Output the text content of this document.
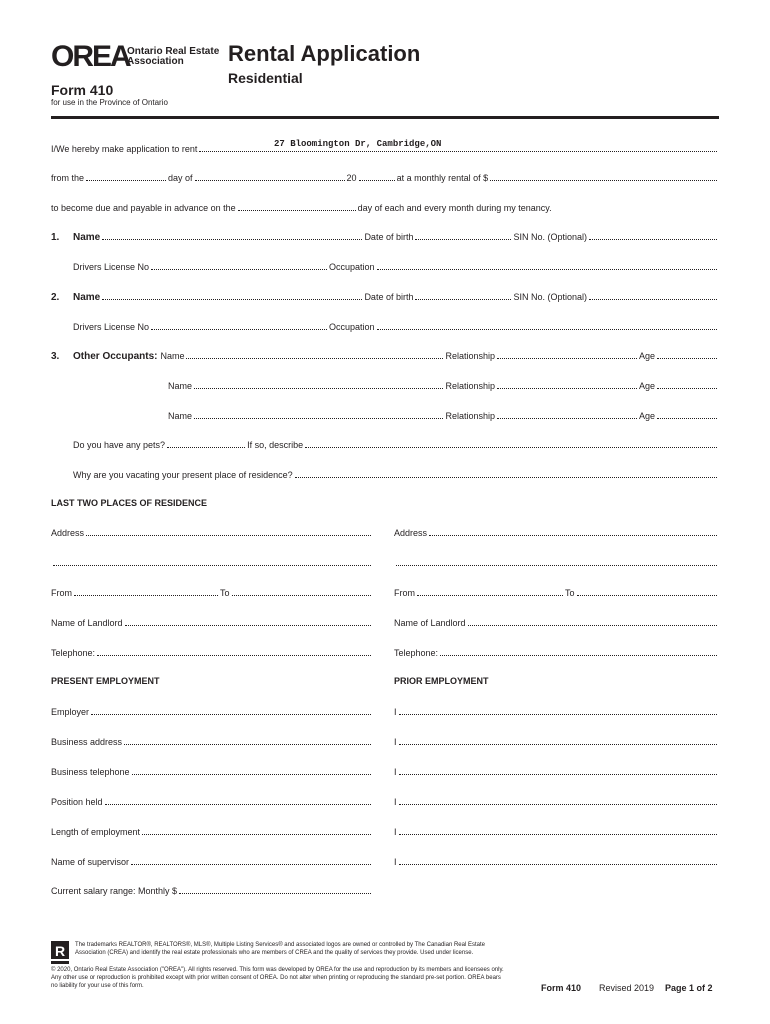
OREA
Ontario Real Estate Association	Rental Application
Residential
Form 410
for use in the Province of Ontario
I/We hereby make application to rent	27 Bloomington Dr, Cambridge,ON
from the	day of	20	at a monthly rental of $
to become due and payable in advance on the	day of each and every month during my tenancy.
1.	Name	Date of birth	SIN No. (Optional)
Drivers License No	Occupation
2.	Name	Date of birth	SIN No. (Optional)
Drivers License No	Occupation
3.	Other Occupants: Name	Relationship	Age
Name	Relationship	Age
Name	Relationship	Age
Do you have any pets?	If so, describe
Why are you vacating your present place of residence?
LAST TWO PLACES OF RESIDENCE
Address	Address
From	To	From	To
Name of Landlord	Name of Landlord
Telephone:	Telephone:
PRESENT EMPLOYMENT	PRIOR EMPLOYMENT
Employer	I
Business address	I
Business telephone	I
Position held	I
Length of employment	I
Name of supervisor	I
Current salary range: Monthly $
R The trademarks REALTOR®, REALTORS®, MLS®, Multiple Listing Services® and associated logos are owned or controlled by The Canadian Real Estate Association (CREA) and identify the real estate professionals who are members of CREA and the quality of services they provide. Used under license.
© 2020, Ontario Real Estate Association ("OREA"). All rights reserved. This form was developed by OREA for the use and reproduction by its members and licensees only. Any other use or reproduction is prohibited except with prior written consent of OREA. Do not alter when printing or reproducing the standard pre-set portion. OREA bears no liability for your use of this form.	Form 410 Revised 2019 Page 1 of 2
